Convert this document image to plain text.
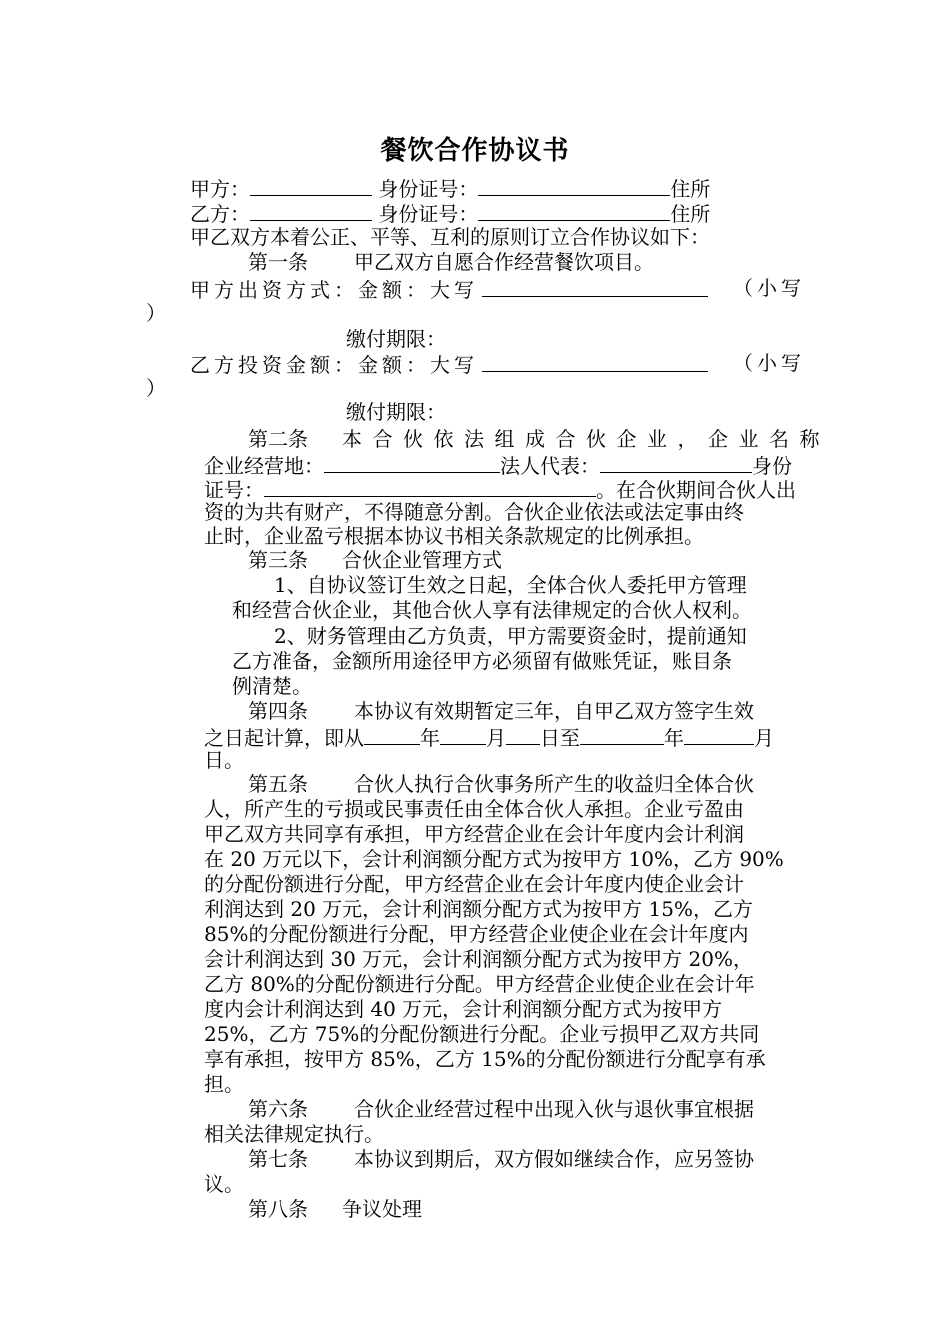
餐饮合作协议书
甲方：	身份证号：	住所
乙方：	身份证号：	住所
甲乙双方本着公正、平等、互利的原则订立合作协议如下：
第一条 甲乙双方自愿合作经营餐饮项目。
甲方出资方式：金额：大写	（小写
）
缴付期限：
乙方投资金额：金额：大写	（小写
）
缴付期限：
第二条 本合伙依法组成合伙企业，企业名称
企业经营地：	法人代表：	身份
证号：	。在合伙期间合伙人出
资的为共有财产，不得随意分割。合伙企业依法或法定事由终
止时，企业盈亏根据本协议书相关条款规定的比例承担。
第三条 合伙企业管理方式
1、自协议签订生效之日起，全体合伙人委托甲方管理
和经营合伙企业，其他合伙人享有法律规定的合伙人权利。
2、财务管理由乙方负责，甲方需要资金时，提前通知
乙方准备，金额所用途径甲方必须留有做账凭证，账目条
例清楚。
第四条 本协议有效期暂定三年，自甲乙双方签字生效
之日起计算，即从	年 月 日至	年	月
日。
第五条 合伙人执行合伙事务所产生的收益归全体合伙
人，所产生的亏损或民事责任由全体合伙人承担。企业亏盈由
甲乙双方共同享有承担，甲方经营企业在会计年度内会计利润
在 20 万元以下，会计利润额分配方式为按甲方 10%，乙方 90%
的分配份额进行分配，甲方经营企业在会计年度内使企业会计
利润达到 20 万元，会计利润额分配方式为按甲方 15%，乙方
85%的分配份额进行分配，甲方经营企业使企业在会计年度内
会计利润达到 30 万元，会计利润额分配方式为按甲方 20%，
乙方 80%的分配份额进行分配。甲方经营企业使企业在会计年
度内会计利润达到 40 万元，会计利润额分配方式为按甲方
25%，乙方 75%的分配份额进行分配。企业亏损甲乙双方共同
享有承担，按甲方 85%，乙方 15%的分配份额进行分配享有承
担。
第六条 合伙企业经营过程中出现入伙与退伙事宜根据
相关法律规定执行。
第七条 本协议到期后，双方假如继续合作，应另签协
议。
第八条 争议处理
